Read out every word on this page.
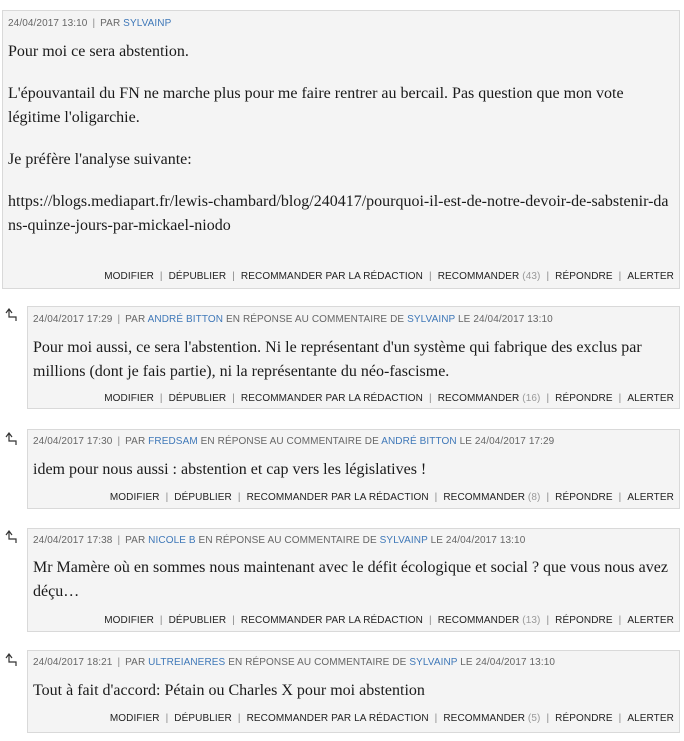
24/04/2017 13:10 | PAR SYLVAINP

Pour moi ce sera abstention.

L'épouvantail du FN ne marche plus pour me faire rentrer au bercail. Pas question que mon vote légitime l'oligarchie.

Je préfère l'analyse suivante:

https://blogs.mediapart.fr/lewis-chambard/blog/240417/pourquoi-il-est-de-notre-devoir-de-sabstenir-dans-quinze-jours-par-mickael-niodo

MODIFIER | DÉPUBLIER | RECOMMANDER PAR LA RÉDACTION | RECOMMANDER (43) | RÉPONDRE | ALERTER
24/04/2017 17:29 | PAR ANDRÉ BITTON EN RÉPONSE AU COMMENTAIRE DE SYLVAINP LE 24/04/2017 13:10
Pour moi aussi, ce sera l'abstention. Ni le représentant d'un système qui fabrique des exclus par millions (dont je fais partie), ni la représentante du néo-fascisme.
MODIFIER | DÉPUBLIER | RECOMMANDER PAR LA RÉDACTION | RECOMMANDER (16) | RÉPONDRE | ALERTER
24/04/2017 17:30 | PAR FREDSAM EN RÉPONSE AU COMMENTAIRE DE ANDRÉ BITTON LE 24/04/2017 17:29
idem pour nous aussi : abstention et cap vers les législatives !
MODIFIER | DÉPUBLIER | RECOMMANDER PAR LA RÉDACTION | RECOMMANDER (8) | RÉPONDRE | ALERTER
24/04/2017 17:38 | PAR NICOLE B EN RÉPONSE AU COMMENTAIRE DE SYLVAINP LE 24/04/2017 13:10
Mr Mamère où en sommes nous maintenant avec le défit écologique et social ? que vous nous avez déçu…
MODIFIER | DÉPUBLIER | RECOMMANDER PAR LA RÉDACTION | RECOMMANDER (13) | RÉPONDRE | ALERTER
24/04/2017 18:21 | PAR ULTREIANERES EN RÉPONSE AU COMMENTAIRE DE SYLVAINP LE 24/04/2017 13:10
Tout à fait d'accord: Pétain ou Charles X pour moi abstention
MODIFIER | DÉPUBLIER | RECOMMANDER PAR LA RÉDACTION | RECOMMANDER (5) | RÉPONDRE | ALERTER
